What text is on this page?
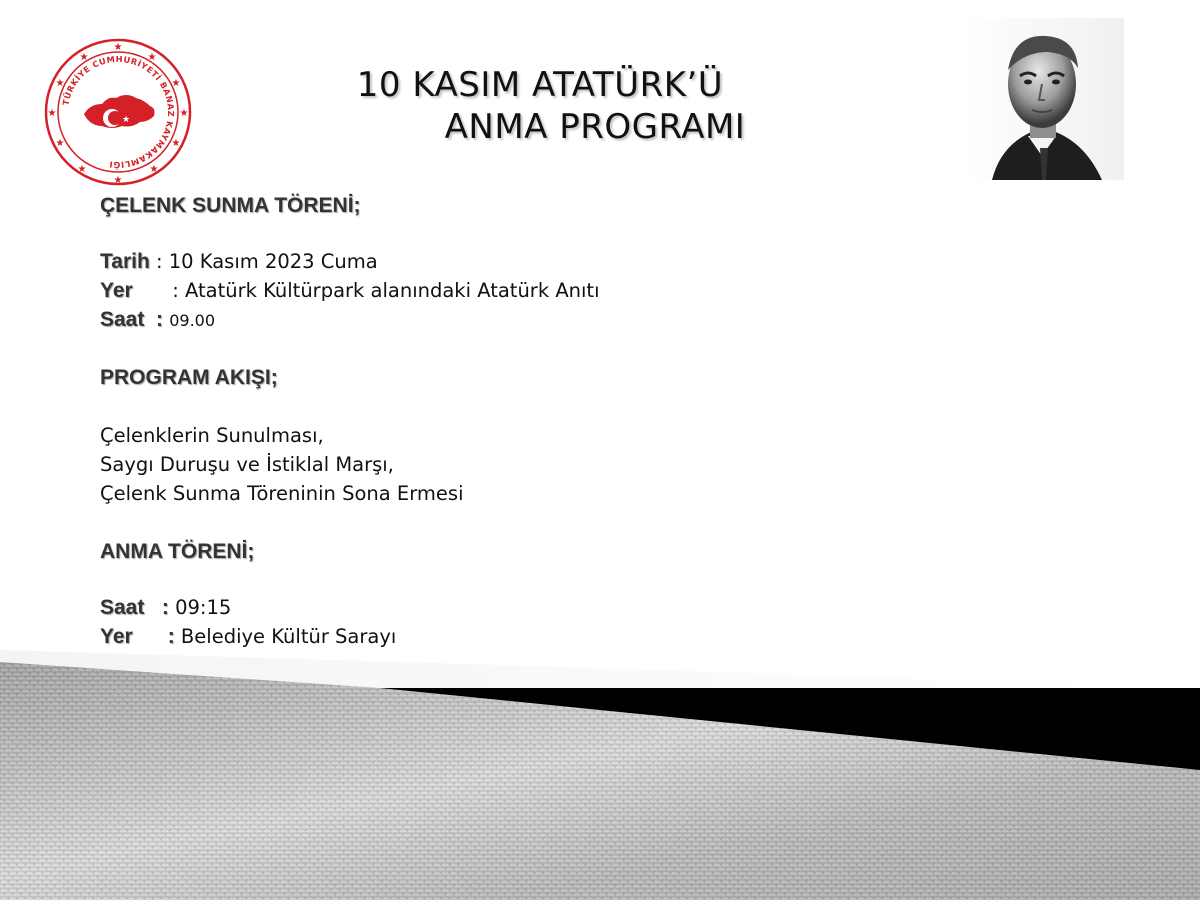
★
★
★
★
★
★
★
★
★
★
★
★
TÜRKİYE CUMHURİYETİ BANAZ KAYMAKAMLIĞI
★
10 KASIM ATATÜRK’Ü
ANMA PROGRAMI
ÇELENK SUNMA TÖRENİ;
Tarih : 10 Kasım 2023 Cuma
Yer : Atatürk Kültürpark alanındaki Atatürk Anıtı
Saat  : 09.00
PROGRAM AKIŞI;
Çelenklerin Sunulması,
Saygı Duruşu ve İstiklal Marşı,
Çelenk Sunma Töreninin Sona Ermesi
ANMA TÖRENİ;
Saat   : 09:15
Yer      : Belediye Kültür Sarayı
